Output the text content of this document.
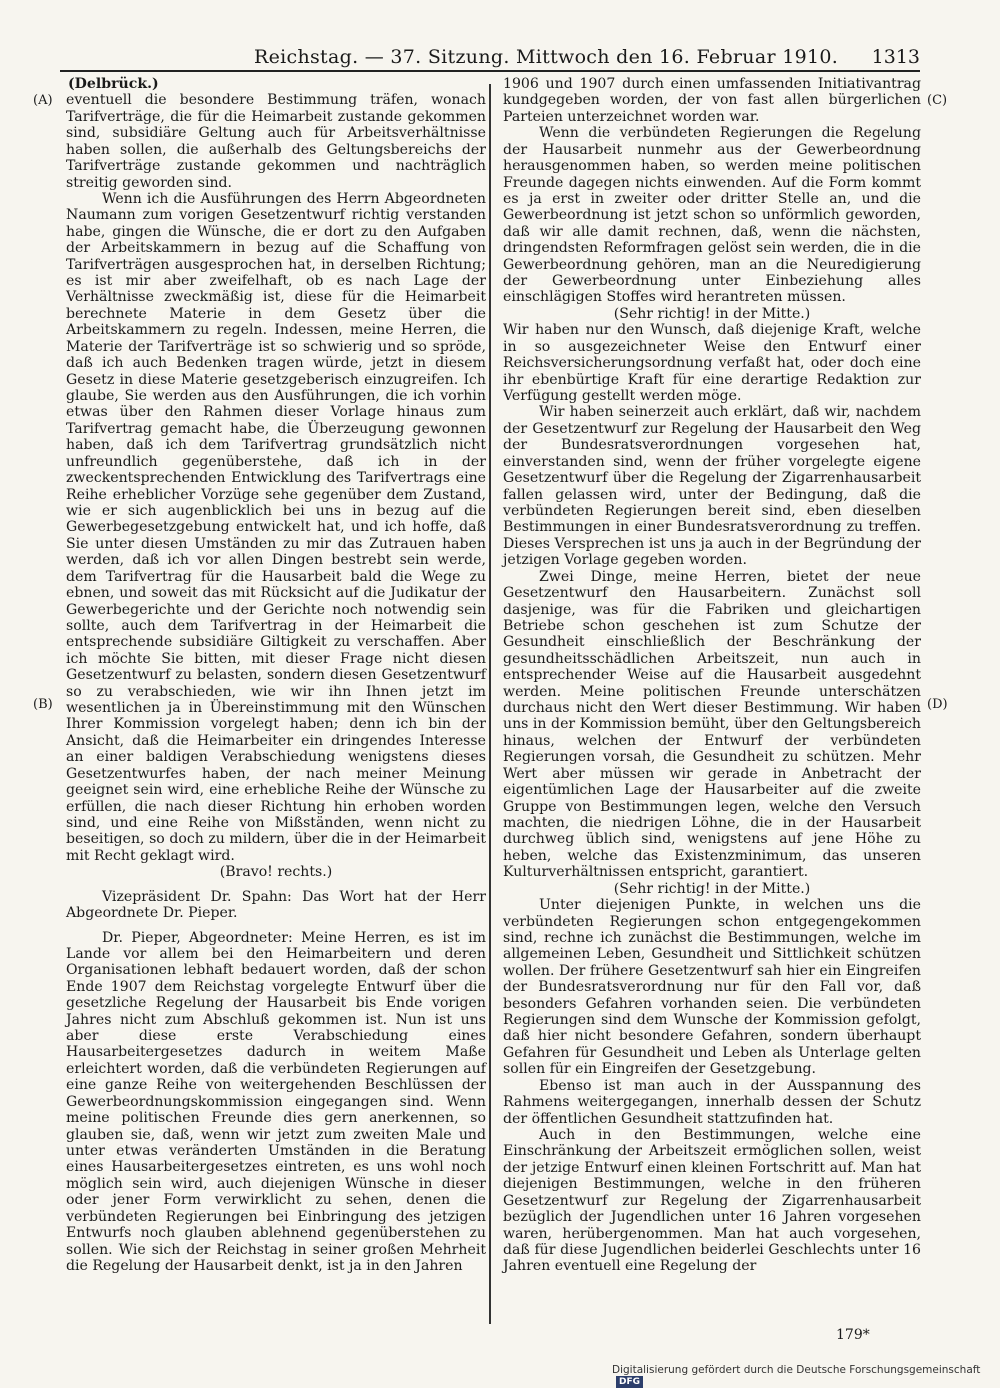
Reichstag. — 37. Sitzung. Mittwoch den 16. Februar 1910. 1313
(A)
(B)
(C)
(D)

(Delbrück.)

eventuell die besondere Bestimmung träfen, wonach Tarifverträge, die für die Heimarbeit zustande gekommen sind, subsidiäre Geltung auch für Arbeitsverhältnisse haben sollen, die außerhalb des Geltungsbereichs der Tarifverträge zustande gekommen und nachträglich streitig geworden sind.

Wenn ich die Ausführungen des Herrn Abgeordneten Naumann zum vorigen Gesetzentwurf richtig verstanden habe, gingen die Wünsche, die er dort zu den Aufgaben der Arbeitskammern in bezug auf die Schaffung von Tarifverträgen ausgesprochen hat, in derselben Richtung; es ist mir aber zweifelhaft, ob es nach Lage der Verhältnisse zweckmäßig ist, diese für die Heimarbeit berechnete Materie in dem Gesetz über die Arbeitskammern zu regeln. Indessen, meine Herren, die Materie der Tarifverträge ist so schwierig und so spröde, daß ich auch Bedenken tragen würde, jetzt in diesem Gesetz in diese Materie gesetzgeberisch einzugreifen. Ich glaube, Sie werden aus den Ausführungen, die ich vorhin etwas über den Rahmen dieser Vorlage hinaus zum Tarifvertrag gemacht habe, die Überzeugung gewonnen haben, daß ich dem Tarifvertrag grundsätzlich nicht unfreundlich gegenüberstehe, daß ich in der zweckentsprechenden Entwicklung des Tarifvertrags eine Reihe erheblicher Vorzüge sehe gegenüber dem Zustand, wie er sich augenblicklich bei uns in bezug auf die Gewerbegesetzgebung entwickelt hat, und ich hoffe, daß Sie unter diesen Umständen zu mir das Zutrauen haben werden, daß ich vor allen Dingen bestrebt sein werde, dem Tarifvertrag für die Hausarbeit bald die Wege zu ebnen, und soweit das mit Rücksicht auf die Judikatur der Gewerbegerichte und der Gerichte noch notwendig sein sollte, auch dem Tarifvertrag in der Heimarbeit die entsprechende subsidiäre Giltigkeit zu verschaffen. Aber ich möchte Sie bitten, mit dieser Frage nicht diesen Gesetzentwurf zu belasten, sondern diesen Gesetzentwurf so zu verabschieden, wie wir ihn Ihnen jetzt im wesentlichen ja in Übereinstimmung mit den Wünschen Ihrer Kommission vorgelegt haben; denn ich bin der Ansicht, daß die Heimarbeiter ein dringendes Interesse an einer baldigen Verabschiedung wenigstens dieses Gesetzentwurfes haben, der nach meiner Meinung geeignet sein wird, eine erhebliche Reihe der Wünsche zu erfüllen, die nach dieser Richtung hin erhoben worden sind, und eine Reihe von Mißständen, wenn nicht zu beseitigen, so doch zu mildern, über die in der Heimarbeit mit Recht geklagt wird.

(Bravo! rechts.)

Vizepräsident Dr. Spahn: Das Wort hat der Herr Abgeordnete Dr. Pieper.

Dr. Pieper, Abgeordneter: Meine Herren, es ist im Lande vor allem bei den Heimarbeitern und deren Organisationen lebhaft bedauert worden, daß der schon Ende 1907 dem Reichstag vorgelegte Entwurf über die gesetzliche Regelung der Hausarbeit bis Ende vorigen Jahres nicht zum Abschluß gekommen ist. Nun ist uns aber diese erste Verabschiedung eines Hausarbeitergesetzes dadurch in weitem Maße erleichtert worden, daß die verbündeten Regierungen auf eine ganze Reihe von weitergehenden Beschlüssen der Gewerbeordnungskommission eingegangen sind. Wenn meine politischen Freunde dies gern anerkennen, so glauben sie, daß, wenn wir jetzt zum zweiten Male und unter etwas veränderten Umständen in die Beratung eines Hausarbeitergesetzes eintreten, es uns wohl noch möglich sein wird, auch diejenigen Wünsche in dieser oder jener Form verwirklicht zu sehen, denen die verbündeten Regierungen bei Einbringung des jetzigen Entwurfs noch glauben ablehnend gegenüberstehen zu sollen. Wie sich der Reichstag in seiner großen Mehrheit die Regelung der Hausarbeit denkt, ist ja in den Jahren

1906 und 1907 durch einen umfassenden Initiativantrag kundgegeben worden, der von fast allen bürgerlichen Parteien unterzeichnet worden war.

Wenn die verbündeten Regierungen die Regelung der Hausarbeit nunmehr aus der Gewerbeordnung herausgenommen haben, so werden meine politischen Freunde dagegen nichts einwenden. Auf die Form kommt es ja erst in zweiter oder dritter Stelle an, und die Gewerbeordnung ist jetzt schon so unförmlich geworden, daß wir alle damit rechnen, daß, wenn die nächsten, dringendsten Reformfragen gelöst sein werden, die in die Gewerbeordnung gehören, man an die Neuredigierung der Gewerbeordnung unter Einbeziehung alles einschlägigen Stoffes wird herantreten müssen.

(Sehr richtig! in der Mitte.)

Wir haben nur den Wunsch, daß diejenige Kraft, welche in so ausgezeichneter Weise den Entwurf einer Reichsversicherungsordnung verfaßt hat, oder doch eine ihr ebenbürtige Kraft für eine derartige Redaktion zur Verfügung gestellt werden möge.

Wir haben seinerzeit auch erklärt, daß wir, nachdem der Gesetzentwurf zur Regelung der Hausarbeit den Weg der Bundesratsverordnungen vorgesehen hat, einverstanden sind, wenn der früher vorgelegte eigene Gesetzentwurf über die Regelung der Zigarrenhausarbeit fallen gelassen wird, unter der Bedingung, daß die verbündeten Regierungen bereit sind, eben dieselben Bestimmungen in einer Bundesratsverordnung zu treffen. Dieses Versprechen ist uns ja auch in der Begründung der jetzigen Vorlage gegeben worden.

Zwei Dinge, meine Herren, bietet der neue Gesetzentwurf den Hausarbeitern. Zunächst soll dasjenige, was für die Fabriken und gleichartigen Betriebe schon geschehen ist zum Schutze der Gesundheit einschließlich der Beschränkung der gesundheitsschädlichen Arbeitszeit, nun auch in entsprechender Weise auf die Hausarbeit ausgedehnt werden. Meine politischen Freunde unterschätzen durchaus nicht den Wert dieser Bestimmung. Wir haben uns in der Kommission bemüht, über den Geltungsbereich hinaus, welchen der Entwurf der verbündeten Regierungen vorsah, die Gesundheit zu schützen. Mehr Wert aber müssen wir gerade in Anbetracht der eigentümlichen Lage der Hausarbeiter auf die zweite Gruppe von Bestimmungen legen, welche den Versuch machten, die niedrigen Löhne, die in der Hausarbeit durchweg üblich sind, wenigstens auf jene Höhe zu heben, welche das Existenzminimum, das unseren Kulturverhältnissen entspricht, garantiert.

(Sehr richtig! in der Mitte.)

Unter diejenigen Punkte, in welchen uns die verbündeten Regierungen schon entgegengekommen sind, rechne ich zunächst die Bestimmungen, welche im allgemeinen Leben, Gesundheit und Sittlichkeit schützen wollen. Der frühere Gesetzentwurf sah hier ein Eingreifen der Bundesratsverordnung nur für den Fall vor, daß besonders Gefahren vorhanden seien. Die verbündeten Regierungen sind dem Wunsche der Kommission gefolgt, daß hier nicht besondere Gefahren, sondern überhaupt Gefahren für Gesundheit und Leben als Unterlage gelten sollen für ein Eingreifen der Gesetzgebung.

Ebenso ist man auch in der Ausspannung des Rahmens weitergegangen, innerhalb dessen der Schutz der öffentlichen Gesundheit stattzufinden hat.

Auch in den Bestimmungen, welche eine Einschränkung der Arbeitszeit ermöglichen sollen, weist der jetzige Entwurf einen kleinen Fortschritt auf. Man hat diejenigen Bestimmungen, welche in den früheren Gesetzentwurf zur Regelung der Zigarrenhausarbeit bezüglich der Jugendlichen unter 16 Jahren vorgesehen waren, herübergenommen. Man hat auch vorgesehen, daß für diese Jugendlichen beiderlei Geschlechts unter 16 Jahren eventuell eine Regelung der

179*
Digitalisierung gefördert durch die Deutsche Forschungsgemeinschaft DFG
